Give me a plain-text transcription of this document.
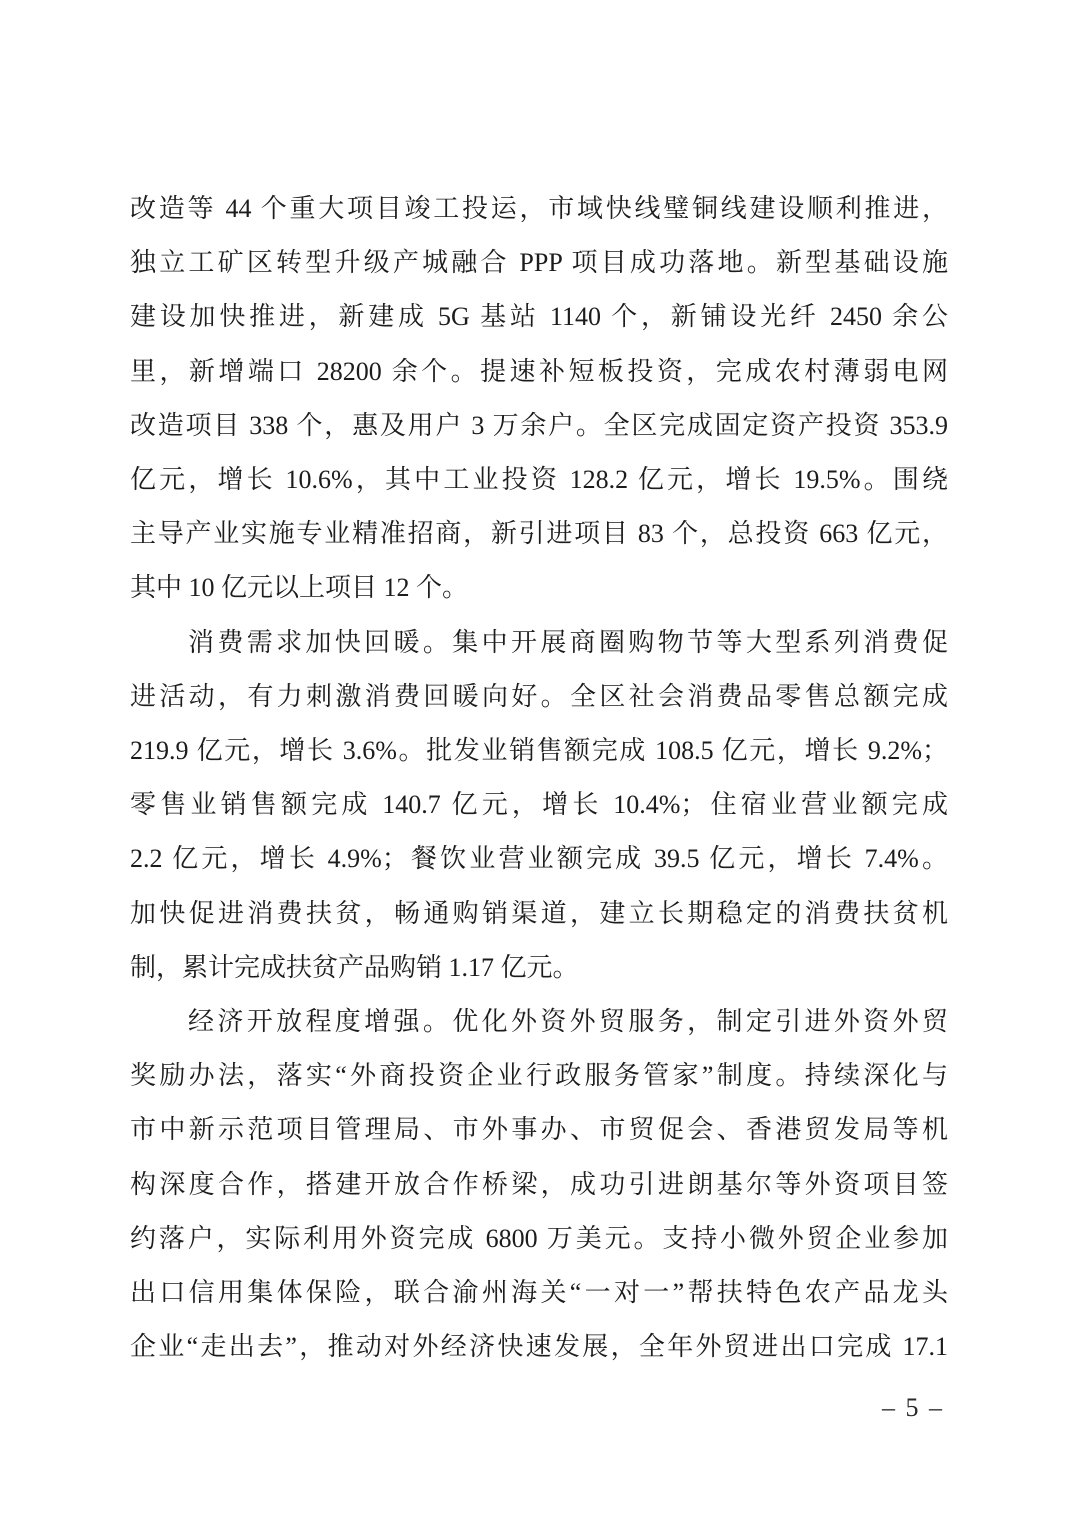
改造等 44 个重大项目竣工投运，市域快线璧铜线建设顺利推进，
独立工矿区转型升级产城融合 PPP 项目成功落地。新型基础设施
建设加快推进，新建成 5G 基站 1140 个，新铺设光纤 2450 余公
里，新增端口 28200 余个。提速补短板投资，完成农村薄弱电网
改造项目 338 个，惠及用户 3 万余户。全区完成固定资产投资 353.9
亿元，增长 10.6%，其中工业投资 128.2 亿元，增长 19.5%。围绕
主导产业实施专业精准招商，新引进项目 83 个，总投资 663 亿元，
其中 10 亿元以上项目 12 个。
消费需求加快回暖。集中开展商圈购物节等大型系列消费促
进活动，有力刺激消费回暖向好。全区社会消费品零售总额完成
219.9 亿元，增长 3.6%。批发业销售额完成 108.5 亿元，增长 9.2%；
零售业销售额完成 140.7 亿元，增长 10.4%；住宿业营业额完成
2.2 亿元，增长 4.9%；餐饮业营业额完成 39.5 亿元，增长 7.4%。
加快促进消费扶贫，畅通购销渠道，建立长期稳定的消费扶贫机
制，累计完成扶贫产品购销 1.17 亿元。
经济开放程度增强。优化外资外贸服务，制定引进外资外贸
奖励办法，落实“外商投资企业行政服务管家”制度。持续深化与
市中新示范项目管理局、市外事办、市贸促会、香港贸发局等机
构深度合作，搭建开放合作桥梁，成功引进朗基尔等外资项目签
约落户，实际利用外资完成 6800 万美元。支持小微外贸企业参加
出口信用集体保险，联合渝州海关“一对一”帮扶特色农产品龙头
企业“走出去”，推动对外经济快速发展，全年外贸进出口完成 17.1
– 5 –
